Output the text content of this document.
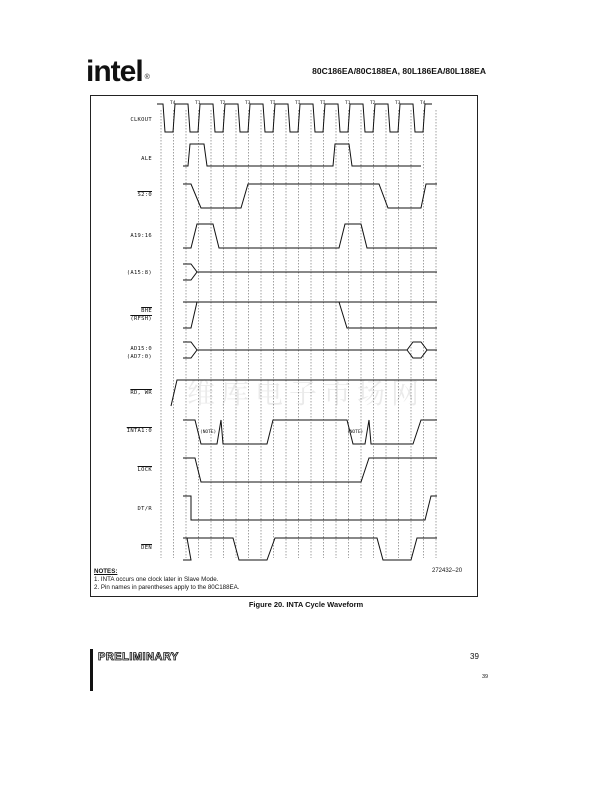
intel ®
80C186EA/80C188EA, 80L186EA/80L188EA
CLKOUT
ALE
S2:0
A19:16
(A15:8)
$\overline{BHE}$
(RFSH)
AD15:0
(AD7:0)
RD, WR
INTA1:0
LOCK
DT/R
$\overline{DEN}$
T4	T1	T2	T3	TI	TI	TI	T1	T2	T3	T4
(NOTE)	(NOTE)
维库电子市场网
NOTES:
1. INTA occurs one clock later in Slave Mode.
2. Pin names in parentheses apply to the 80C188EA.
272432–20
Figure 20. INTA Cycle Waveform
PRELIMINARY	39
39
